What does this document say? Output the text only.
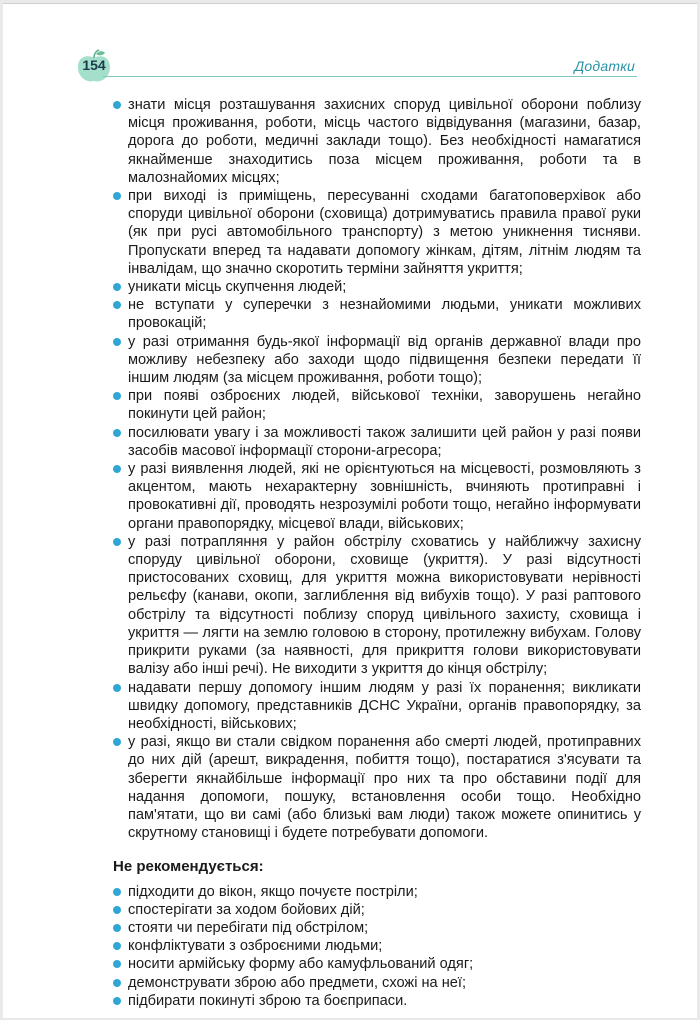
154	Додатки
знати місця розташування захисних споруд цивільної оборони поблизу місця проживання, роботи, місць частого відвідування (магазини, базар, дорога до роботи, медичні заклади тощо). Без необхідності намагатися якнайменше знаходитись поза місцем проживання, роботи та в малознайомих місцях;
при виході із приміщень, пересуванні сходами багатоповерхівок або споруди цивільної оборони (сховища) дотримуватись правила правої руки (як при русі автомобільного транспорту) з метою уникнення тисняви. Пропускати вперед та надавати допомогу жінкам, дітям, літнім людям та інвалідам, що значно скоротить терміни зайняття укриття;
уникати місць скупчення людей;
не вступати у суперечки з незнайомими людьми, уникати можливих провокацій;
у разі отримання будь-якої інформації від органів державної влади про можливу небезпеку або заходи щодо підвищення безпеки передати її іншим людям (за місцем проживання, роботи тощо);
при появі озброєних людей, військової техніки, заворушень негайно покинути цей район;
посилювати увагу і за можливості також залишити цей район у разі появи засобів масової інформації сторони-агресора;
у разі виявлення людей, які не орієнтуються на місцевості, розмовляють з акцентом, мають нехарактерну зовнішність, вчиняють протиправні і провокативні дії, проводять незрозумілі роботи тощо, негайно інформувати органи правопорядку, місцевої влади, військових;
у разі потрапляння у район обстрілу сховатись у найближчу захисну споруду цивільної оборони, сховище (укриття). У разі відсутності пристосованих сховищ, для укриття можна використовувати нерівності рельєфу (канави, окопи, заглиблення від вибухів тощо). У разі раптового обстрілу та відсутності поблизу споруд цивільного захисту, сховища і укриття — лягти на землю головою в сторону, протилежну вибухам. Голову прикрити руками (за наявності, для прикриття голови використовувати валізу або інші речі). Не виходити з укриття до кінця обстрілу;
надавати першу допомогу іншим людям у разі їх поранення; викликати швидку допомогу, представників ДСНС України, органів правопорядку, за необхідності, військових;
у разі, якщо ви стали свідком поранення або смерті людей, протиправних до них дій (арешт, викрадення, побиття тощо), постаратися з'ясувати та зберегти якнайбільше інформації про них та про обставини події для надання допомоги, пошуку, встановлення особи тощо. Необхідно пам'ятати, що ви самі (або близькі вам люди) також можете опинитись у скрутному становищі і будете потребувати допомоги.
Не рекомендується:
підходити до вікон, якщо почуєте постріли;
спостерігати за ходом бойових дій;
стояти чи перебігати під обстрілом;
конфліктувати з озброєними людьми;
носити армійську форму або камуфльований одяг;
демонструвати зброю або предмети, схожі на неї;
підбирати покинуті зброю та боєприпаси.
